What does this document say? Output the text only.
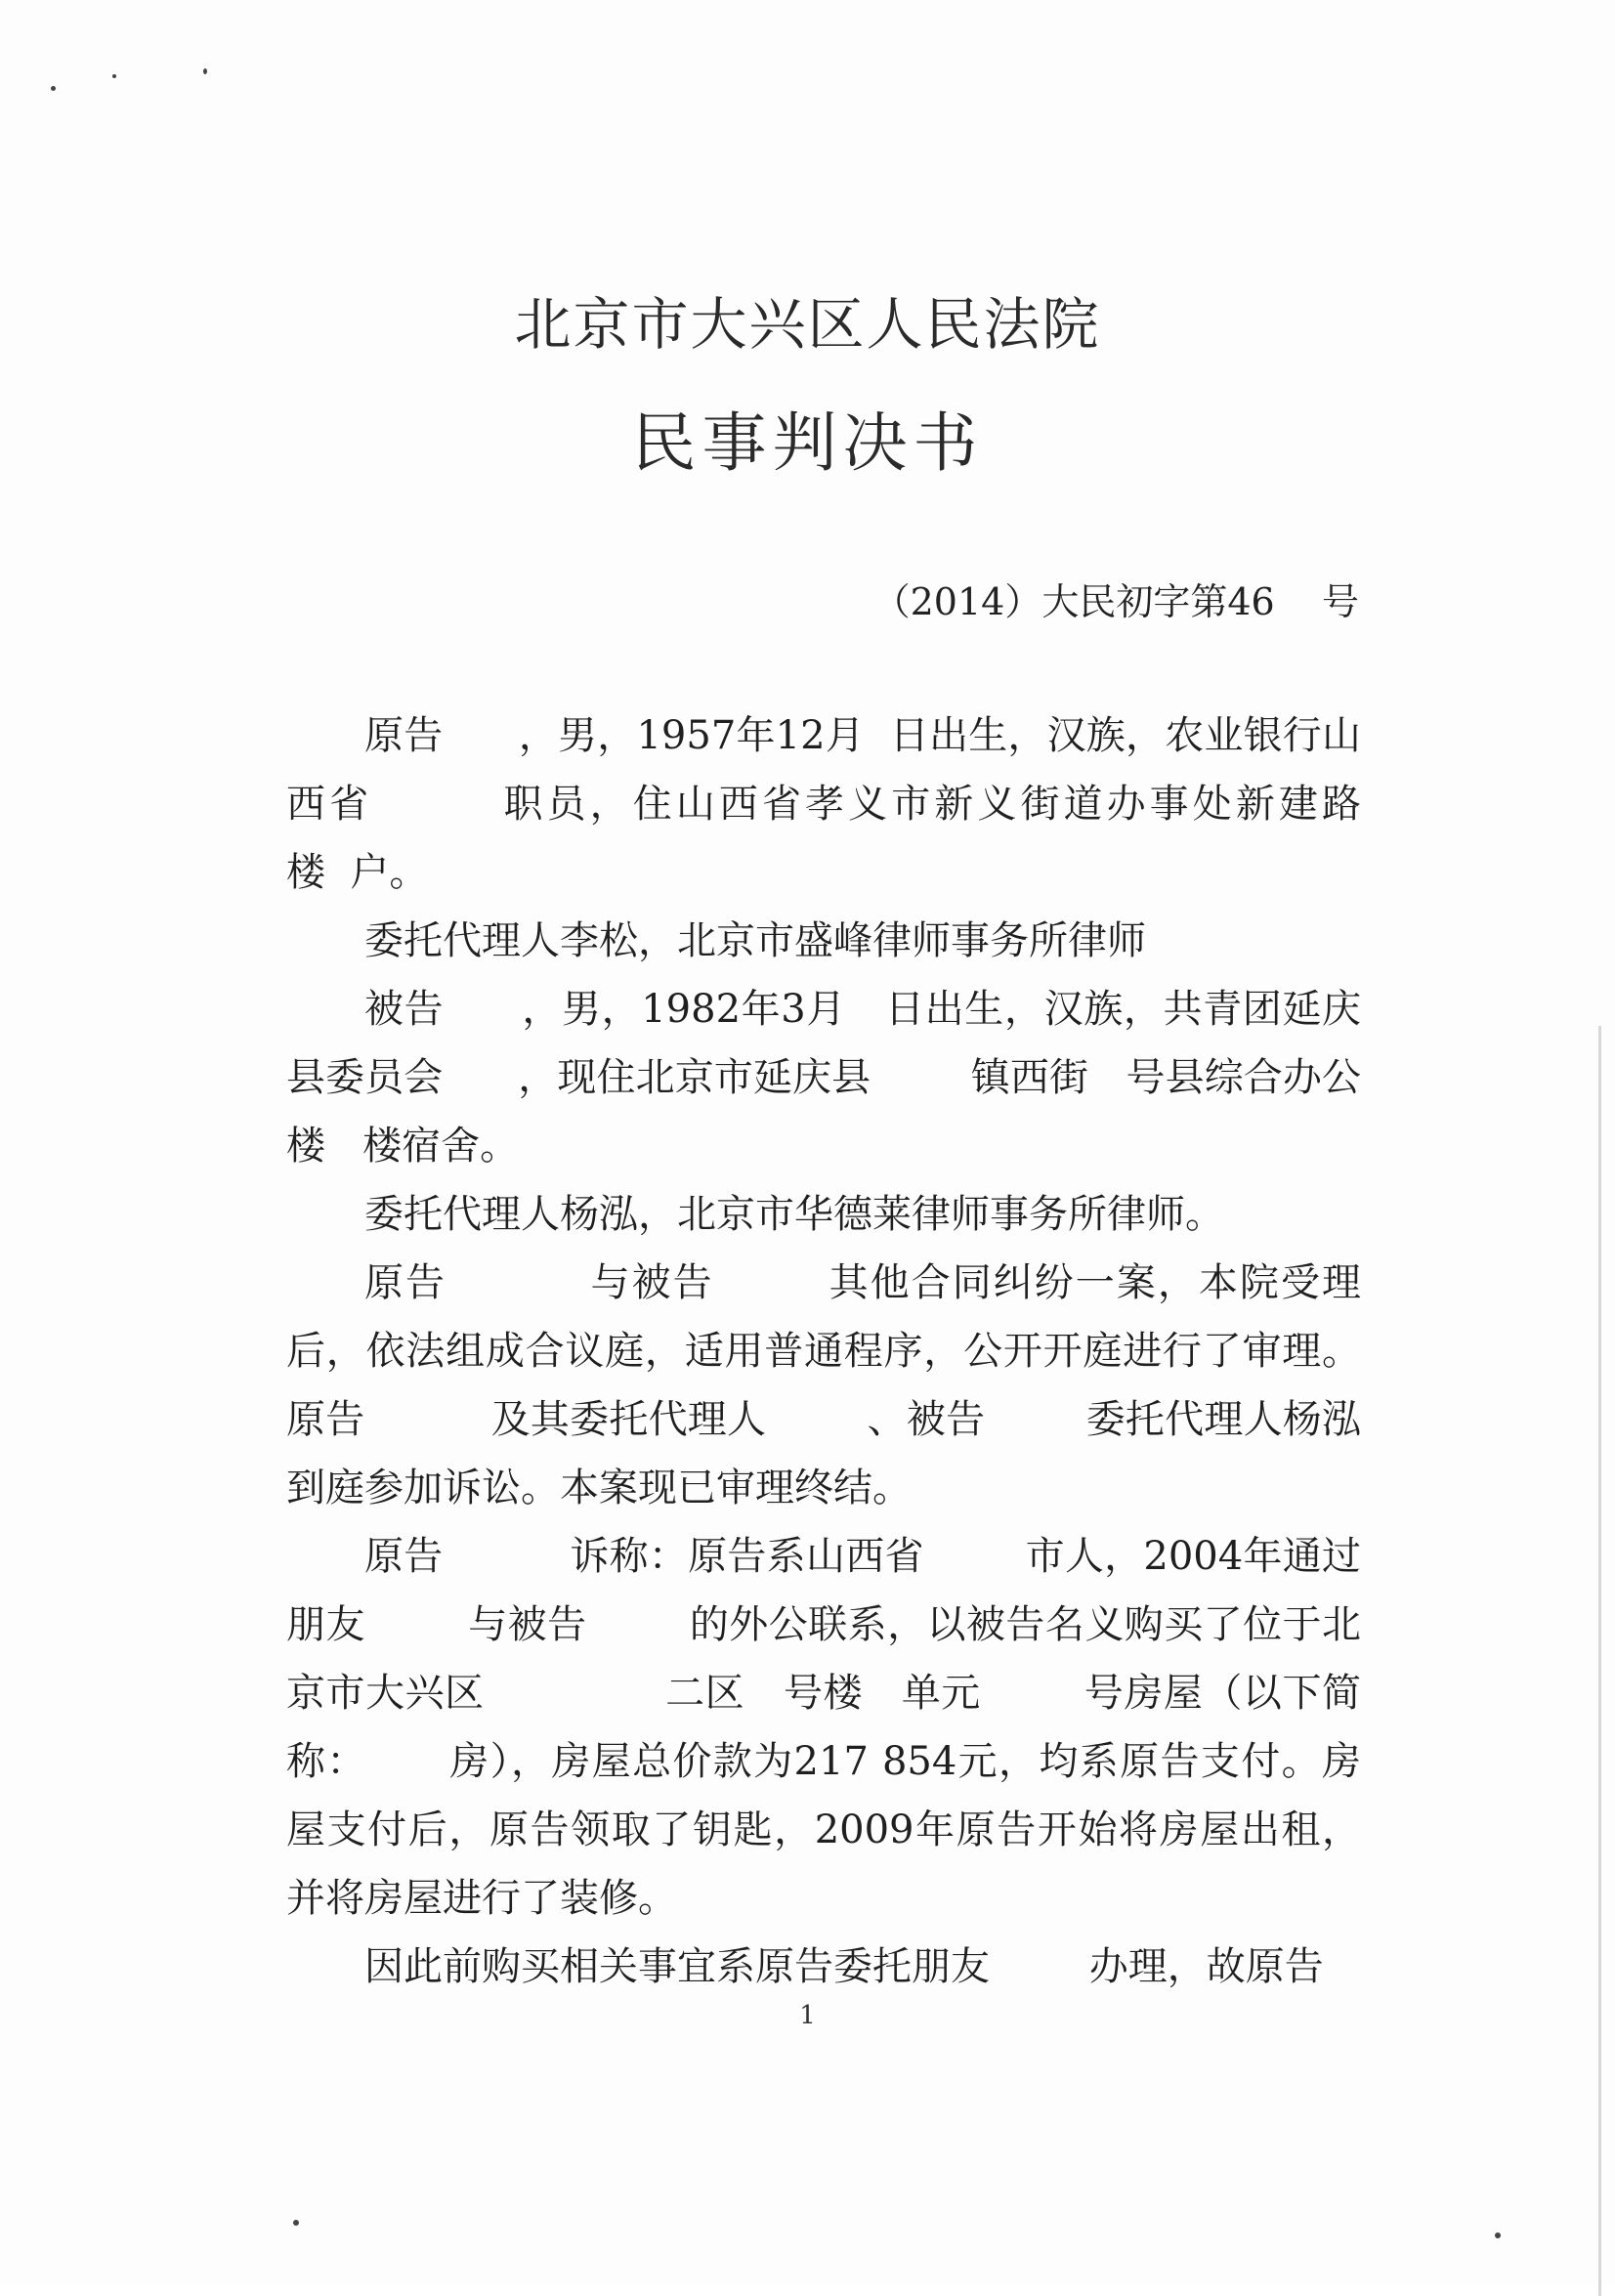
北京市大兴区人民法院
民事判决书
（2014）大民初字第46    号

原告      ，男，1957年12月  日出生，汉族，农业银行山西省        职员，住山西省孝义市新义街道办事处新建路          楼  户。

委托代理人李松，北京市盛峰律师事务所律师

被告      ，男，1982年3月   日出生，汉族，共青团延庆县委员会      ，现住北京市延庆县        镇西街   号县综合办公楼   楼宿舍。

委托代理人杨泓，北京市华德莱律师事务所律师。

原告          与被告        其他合同纠纷一案，本院受理后，依法组成合议庭，适用普通程序，公开开庭进行了审理。原告          及其委托代理人        、被告        委托代理人杨泓到庭参加诉讼。本案现已审理终结。

原告          诉称：原告系山西省        市人，2004年通过朋友        与被告        的外公联系，以被告名义购买了位于北京市大兴区              二区   号楼   单元        号房屋（以下简称：      房），房屋总价款为217 854元，均系原告支付。房屋支付后，原告领取了钥匙，2009年原告开始将房屋出租，并将房屋进行了装修。

因此前购买相关事宜系原告委托朋友        办理，故原告

1
